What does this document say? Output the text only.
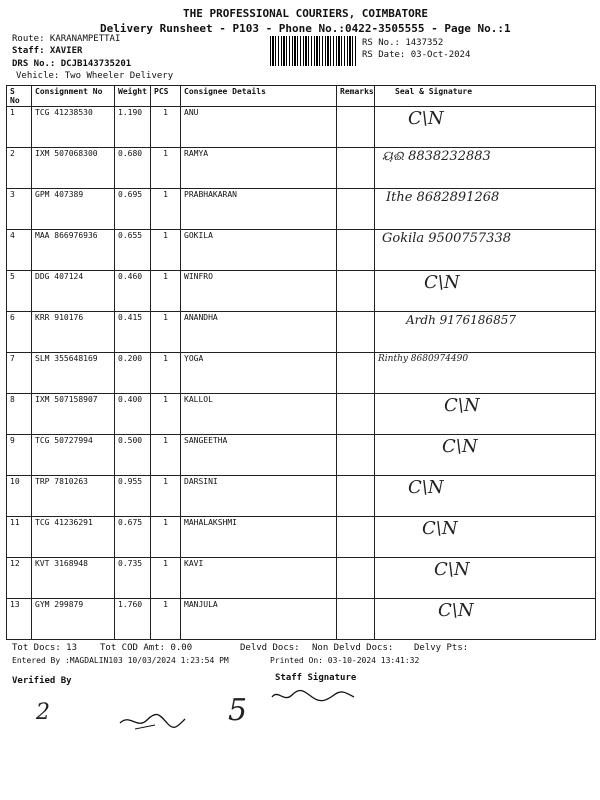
THE PROFESSIONAL COURIERS, COIMBATORE
Delivery Runsheet - P103 - Phone No.:0422-3505555 - Page No.:1
Route: KARANAMPETTAI
Staff: XAVIER
DRS No.: DCJB143735201
Vehicle: Two Wheeler Delivery
RS No.: 1437352
RS Date: 03-Oct-2024
S No	Consignment No	Weight	PCS	Consignee Details	Remarks	Seal & Signature
1	TCG 41238530	1.190	1	ANU		C\N
2	IXM 507068300	0.680	1	RAMYA		ୟଈ 8838232883
3	GPM 407389	0.695	1	PRABHAKARAN		Ithe 8682891268
4	MAA 866976936	0.655	1	GOKILA		Gokila 9500757338
5	DDG 407124	0.460	1	WINFRO		C\N
6	KRR 910176	0.415	1	ANANDHA		Ardh 9176186857
7	SLM 355648169	0.200	1	YOGA		Rinthy 8680974490
8	IXM 507158907	0.400	1	KALLOL		C\N
9	TCG 50727994	0.500	1	SANGEETHA		C\N
10	TRP 7810263	0.955	1	DARSINI		C\N
11	TCG 41236291	0.675	1	MAHALAKSHMI		C\N
12	KVT 3168948	0.735	1	KAVI		C\N
13	GYM 299879	1.760	1	MANJULA		C\N
Tot Docs: 13	Tot COD Amt: 0.00	Delvd Docs: Non Delvd Docs: Delvy Pts:
Entered By :MAGDALIN103 10/03/2024 1:23:54 PM	Printed On: 03-10-2024 13:41:32
Verified By	Staff Signature
2	5
